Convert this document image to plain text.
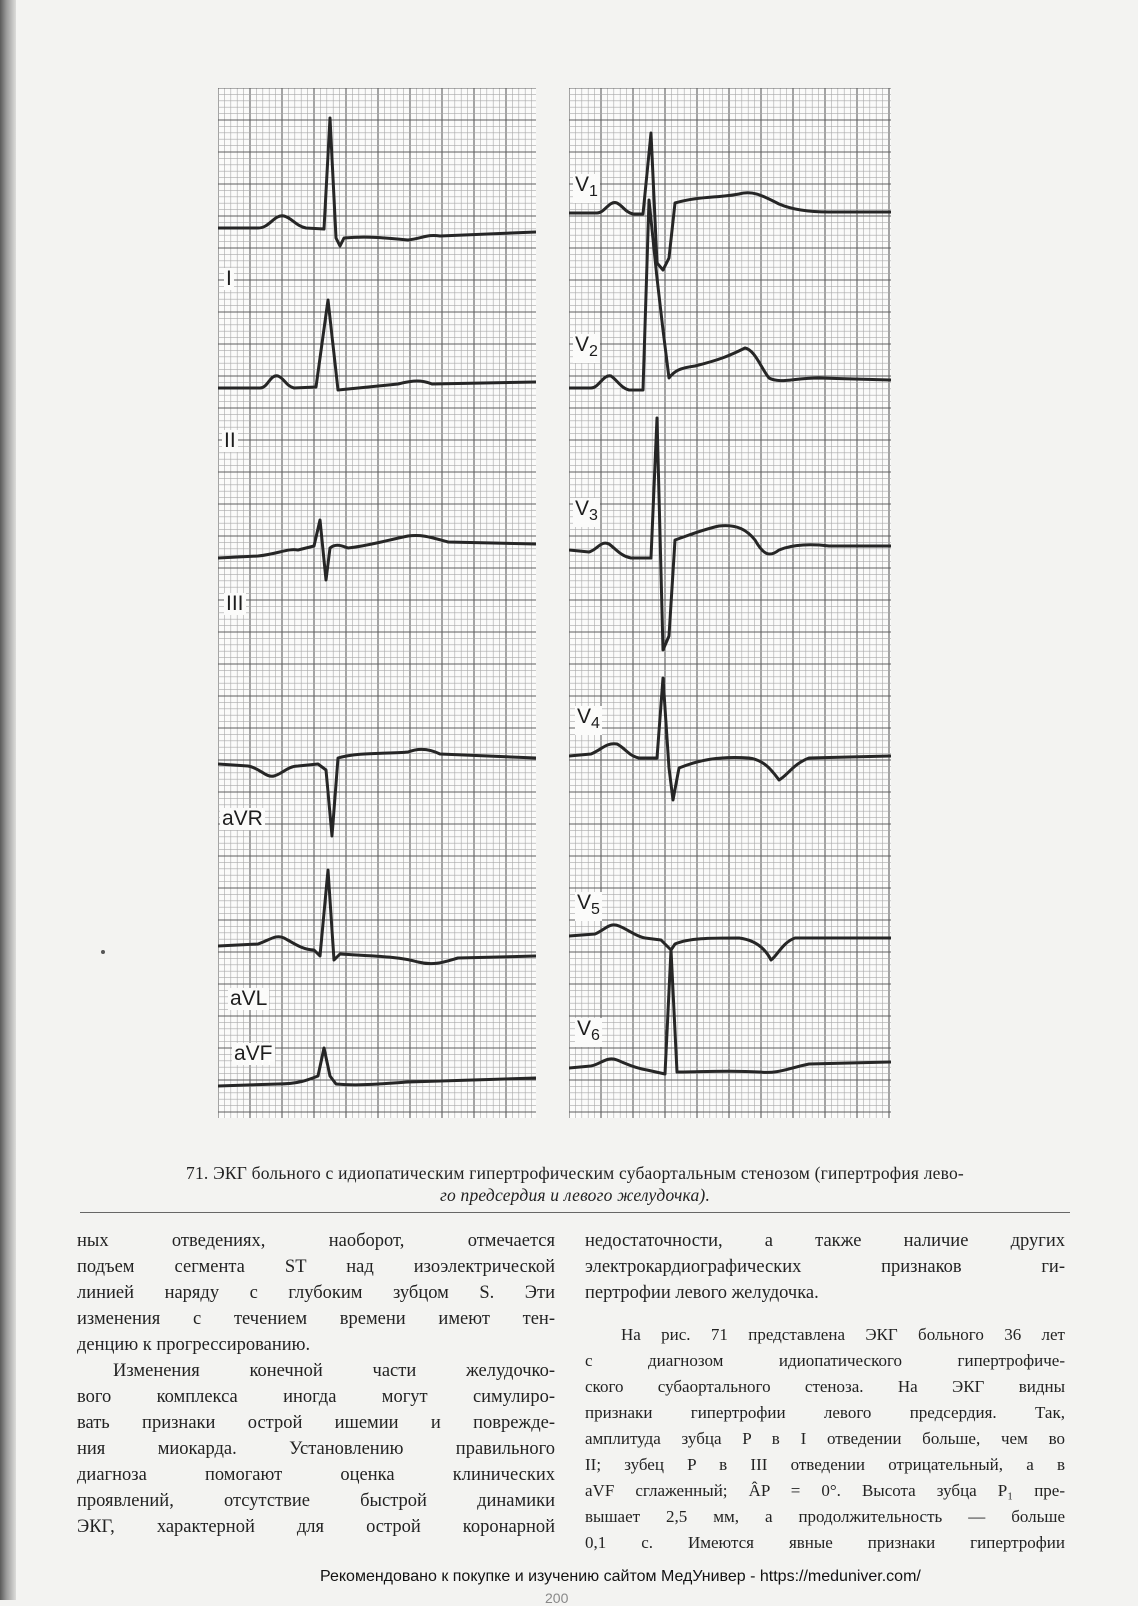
I
II
III
aVR
aVL
aVF
$V_1$
$V_2$
$V_3$
$V_4$
$V_5$
$V_6$
71. ЭКГ больного с идиопатическим гипертрофическим субаортальным стенозом (гипертрофия лево-
го предсердия и левого желудочка).

ных отведениях, наоборот, отмечается

подъем сегмента ST над изоэлектрической

линией наряду с глубоким зубцом S. Эти

изменения с течением времени имеют тен-

денцию к прогрессированию.

Изменения конечной части желудочко-

вого комплекса иногда могут симулиро-

вать признаки острой ишемии и поврежде-

ния миокарда. Установлению правильного

диагноза помогают оценка клинических

проявлений, отсутствие быстрой динамики

ЭКГ, характерной для острой коронарной

недостаточности, а также наличие других

электрокардиографических признаков ги-

пертрофии левого желудочка.

На рис. 71 представлена ЭКГ больного 36 лет

с диагнозом идиопатического гипертрофиче-

ского субаортального стеноза. На ЭКГ видны

признаки гипертрофии левого предсердия. Так,

амплитуда зубца P в I отведении больше, чем во

II; зубец P в III отведении отрицательный, а в

aVF сглаженный; ÂP = 0°. Высота зубца P₁ пре-

вышает 2,5 мм, а продолжительность — больше

0,1 с. Имеются явные признаки гипертрофии

Рекомендовано к покупке и изучению сайтом МедУнивер - https://meduniver.com/
200
